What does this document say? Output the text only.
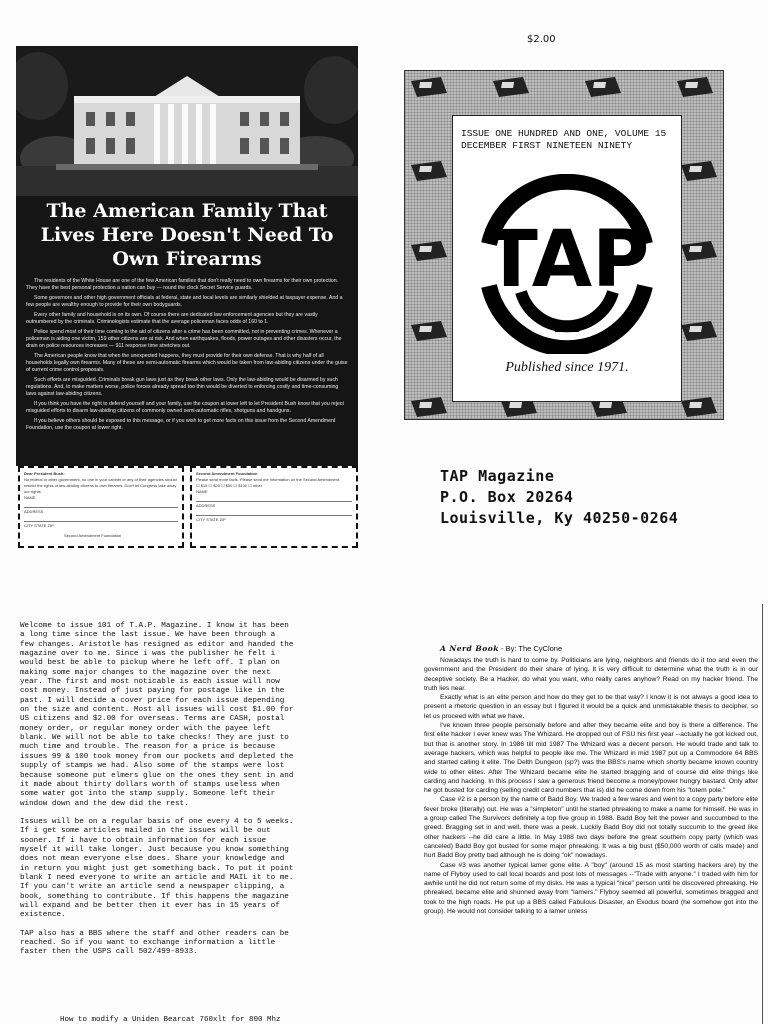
The American Family That Lives Here Doesn't Need To Own Firearms

The residents of the White House are one of the few American families that don't really need to own firearms for their own protection. They have the best personal protection a nation can buy — round the clock Secret Service guards.

Some governors and other high government officials at federal, state and local levels are similarly shielded at taxpayer expense. And a few people are wealthy enough to provide for their own bodyguards.

Every other family and household is on its own. Of course there are dedicated law enforcement agencies but they are vastly outnumbered by the criminals. Criminologists estimate that the average policeman faces odds of 160 to 1.

Police spend most of their time coming to the aid of citizens after a crime has been committed, not in preventing crimes. Whenever a policeman is aiding one victim, 159 other citizens are at risk. And when earthquakes, floods, power outages and other disasters occur, the drain on police resources increases — 911 response time stretches out.

The American people know that when the unexpected happens, they must provide for their own defense. That is why half of all households legally own firearms. Many of these are semi-automatic firearms which would be taken from law-abiding citizens under the guise of current crime control proposals.

Such efforts are misguided. Criminals break gun laws just as they break other laws. Only the law-abiding would be disarmed by such regulations. And, to make matters worse, police forces already spread too thin would be diverted to enforcing costly and time-consuming laws against law-abiding citizens.

If you think you have the right to defend yourself and your family, use the coupon at lower left to let President Bush know that you reject misguided efforts to disarm law-abiding citizens of commonly owned semi-automatic rifles, shotguns and handguns.

If you believe others should be exposed to this message, or if you wish to get more facts on this issue from the Second Amendment Foundation, use the coupon at lower right.

Dear President Bush:
No federal or other government, no one in your cabinet or any of their agencies should restrict the rights of law-abiding citizens to own firearms. Don't let Congress take away our rights.
NAME
ADDRESS
CITY STATE ZIP
Second Amendment Foundation
Second Amendment Foundation
Please send more facts. Please send me information on the Second Amendment.
☐ $15 ☐ $25 ☐ $50 ☐ $100 ☐ other
NAME
ADDRESS
CITY STATE ZIP
$2.00
ISSUE ONE HUNDRED AND ONE, VOLUME 15
DECEMBER FIRST NINETEEN NINETY
TAP
Published since 1971.
TAP Magazine
P.O. Box 20264
Louisville, Ky 40250-0264

Welcome to issue 101 of T.A.P. Magazine. I know it has been
a long time since the last issue. We have been through a
few changes. Aristotle has resigned as editor and handed the
magazine over to me. Since i was the publisher he felt i
would best be able to pickup where he left off. I plan on
making some major changes to the magazine over the next
year. The first and most noticable is each issue will now
cost money. Instead of just paying for postage like in the
past. I will decide a cover price for each issue depending
on the size and content. Most all issues will cost $1.00 for
US citizens and $2.00 for overseas. Terms are CASH, postal
money order, or regular money order with the payee left
blank. We will not be able to take checks! They are just to
much time and trouble. The reason for a price is because
issues 99 & 100 took money from our pockets and depleted the
supply of stamps we had. Also some of the stamps were lost
because someone put elmers glue on the ones they sent in and
it made about thirty dollars worth of stamps useless when
some water got into the stamp supply. Someone left their
window down and the dew did the rest.

Issues will be on a regular basis of one every 4 to 5 weeks.
If i get some articles mailed in the issues will be out
sooner. If i have to obtain information for each issue
myself it will take longer. Just because you know something
does not mean everyone else does. Share your knowledge and
in return you might just get something back. To put it point
blank I need everyone to write an article and MAIL it to me.
If you can't write an article send a newspaper clipping, a
book, something to contribute. If this happens the magazine
will expand and be better then it ever has in 15 years of
existence.

TAP also has a BBS where the staff and other readers can be
reached. So if you want to exchange information a little
faster then the USPS call 502/499-8933.

How to modify a Uniden Bearcat 760xlt for 800 Mhz
A Nerd Book - By: The CyClone

Nowadays the truth is hard to come by. Politicians are lying, neighbors and friends do it too and even the government and the President do their share of lying. It is very difficult to determine what the truth is in our deceptive society. Be a Hacker, do what you want, who really cares anyhow? Read on my hacker friend. The truth lies near.

Exactly what is an elite person and how do they get to be that way? I know it is not always a good idea to present a rhetoric question in an essay but I figured it would be a quick and unmistakable thesis to decipher, so let us proceed with what we have.

I've known three people personally before and after they became elite and boy is there a difference. The first elite hacker I ever knew was The Whizard. He dropped out of FSU his first year --actually he got kicked out, but that is another story. In 1986 till mid 1987 The Whizard was a decent person. He would trade and talk to average hackers, which was helpful to people like me. The Whizard in mid 1987 put up a Commodore 64 BBS and started calling it elite. The Delth Dungeon (sp?) was the BBS's name which shortly became known country wide to other elites. After The Whizard became elite he started bragging and of course did elite things like carding and hacking. In this process I saw a generous friend become a money/power hungry bastard. Only after he got busted for carding (selling credit card numbers that is) did he come down from his "totem pole."

Case #2 is a person by the name of Badd Boy. We traded a few wares and went to a copy party before elite fever broke (literally) out. He was a "simpleton" until he started phreaking to make a name for himself. He was in a group called The Survivors definitely a top five group in 1988. Badd Boy felt the power and succumbed to the greed. Bragging set in and well, there was a peek. Luckily Badd Boy did not totally succumb to the greed like other hackers --he did care a little. In May 1988 two days before the great southern copy party (which was canceled) Badd Boy got busted for some major phreaking. It was a big bust ($50,000 worth of calls made) and hurt Badd Boy pretty bad although he is doing "ok" nowadays.

Case #3 was another typical lamer gone elite. A "boy" (around 15 as most starting hackers are) by the name of Flyboy used to call local boards and post lots of messages --"Trade with anyone." I traded with him for awhile until he did not return some of my disks. He was a typical "nice" person until he discovered phreaking. He phreaked, became elite and shunned away from "lamers." Flyboy seemed all powerful, sometimes bragged and took to the high roads. He put up a BBS called Fabulous Disaster, an Exodus board (he somehow got into the group). He would not consider talking to a lamer unless
